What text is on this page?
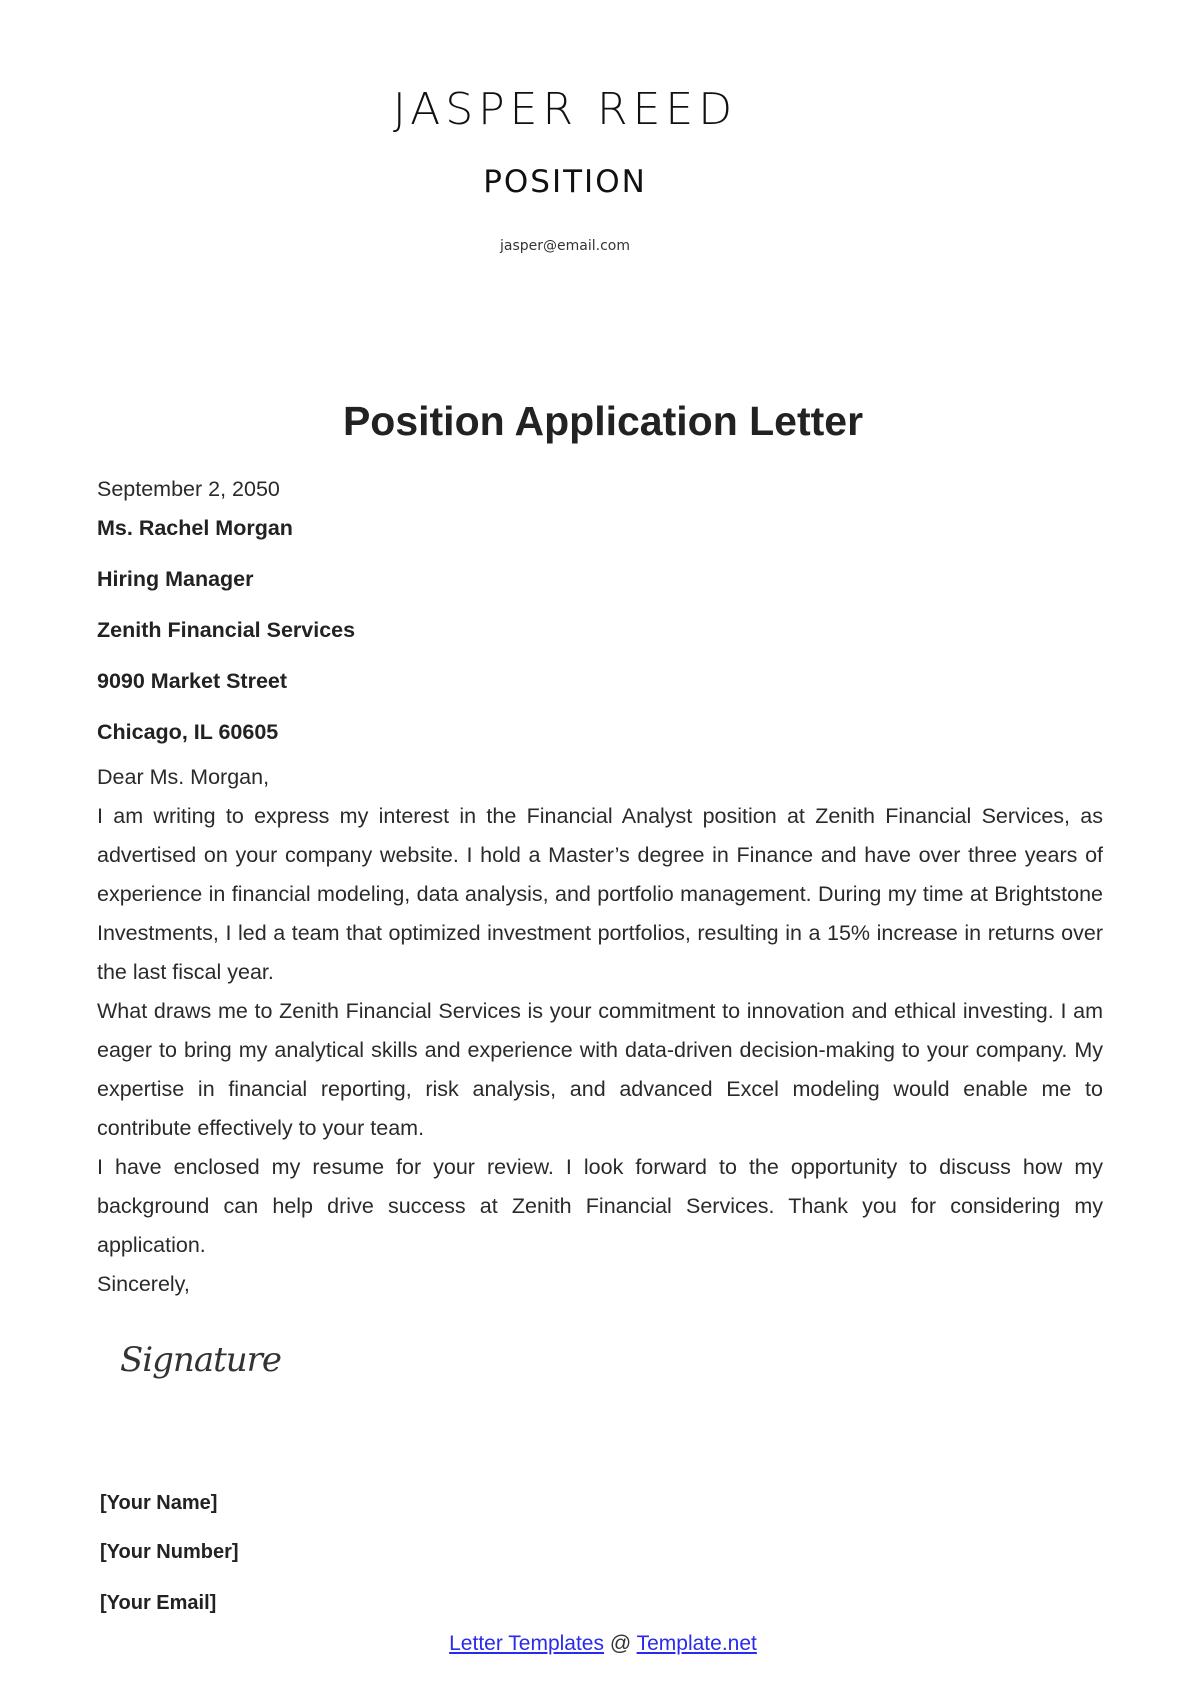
JASPER REED
POSITION
jasper@email.com
Position Application Letter

September 2, 2050

Ms. Rachel Morgan

Hiring Manager

Zenith Financial Services

9090 Market Street

Chicago, IL 60605

Dear Ms. Morgan,

I am writing to express my interest in the Financial Analyst position at Zenith Financial Services, as advertised on your company website. I hold a Master’s degree in Finance and have over three years of experience in financial modeling, data analysis, and portfolio management. During my time at Brightstone Investments, I led a team that optimized investment portfolios, resulting in a 15% increase in returns over the last fiscal year.

What draws me to Zenith Financial Services is your commitment to innovation and ethical investing. I am eager to bring my analytical skills and experience with data-driven decision-making to your company. My expertise in financial reporting, risk analysis, and advanced Excel modeling would enable me to contribute effectively to your team.

I have enclosed my resume for your review. I look forward to the opportunity to discuss how my background can help drive success at Zenith Financial Services. Thank you for considering my application.

Sincerely,

Signature
[Your Name]
[Your Number]
[Your Email]
Letter Templates @ Template.net
